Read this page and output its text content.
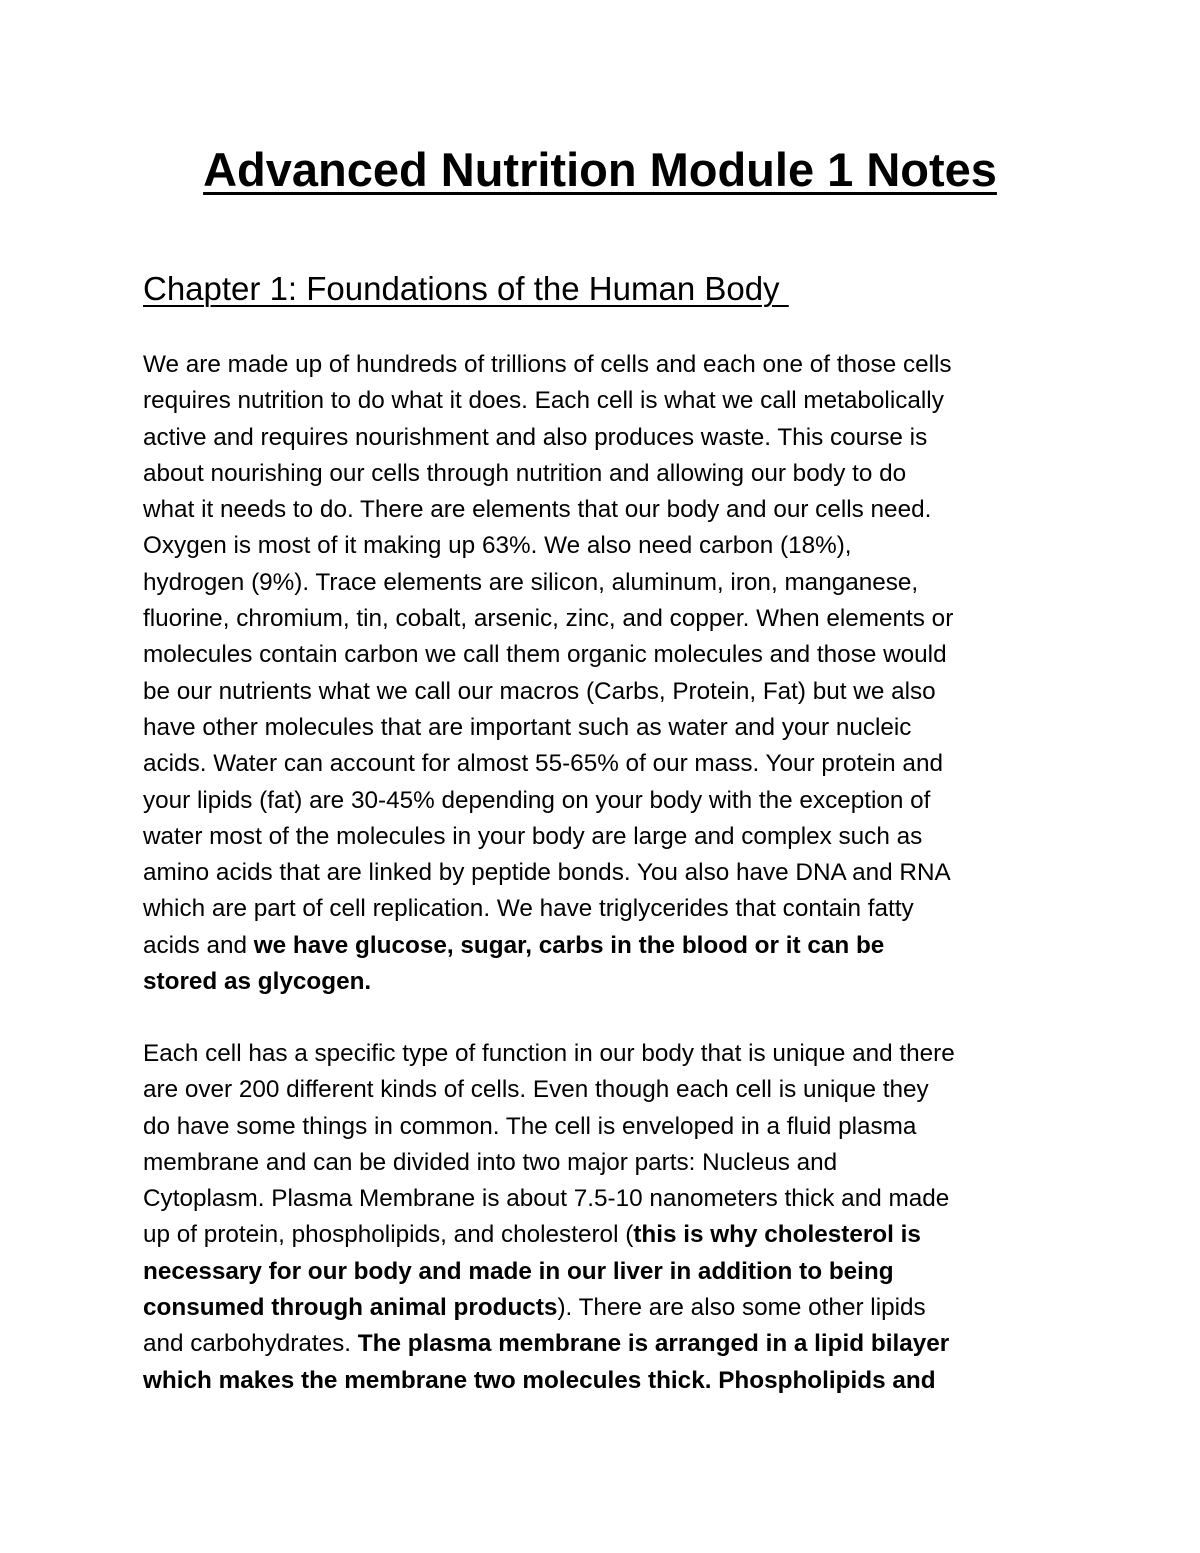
Advanced Nutrition Module 1 Notes
Chapter 1: Foundations of the Human Body
We are made up of hundreds of trillions of cells and each one of those cells
requires nutrition to do what it does. Each cell is what we call metabolically
active and requires nourishment and also produces waste. This course is
about nourishing our cells through nutrition and allowing our body to do
what it needs to do. There are elements that our body and our cells need.
Oxygen is most of it making up 63%. We also need carbon (18%),
hydrogen (9%). Trace elements are silicon, aluminum, iron, manganese,
fluorine, chromium, tin, cobalt, arsenic, zinc, and copper. When elements or
molecules contain carbon we call them organic molecules and those would
be our nutrients what we call our macros (Carbs, Protein, Fat) but we also
have other molecules that are important such as water and your nucleic
acids. Water can account for almost 55-65% of our mass. Your protein and
your lipids (fat) are 30-45% depending on your body with the exception of
water most of the molecules in your body are large and complex such as
amino acids that are linked by peptide bonds. You also have DNA and RNA
which are part of cell replication. We have triglycerides that contain fatty
acids and we have glucose, sugar, carbs in the blood or it can be
stored as glycogen.
Each cell has a specific type of function in our body that is unique and there
are over 200 different kinds of cells. Even though each cell is unique they
do have some things in common. The cell is enveloped in a fluid plasma
membrane and can be divided into two major parts: Nucleus and
Cytoplasm. Plasma Membrane is about 7.5-10 nanometers thick and made
up of protein, phospholipids, and cholesterol (this is why cholesterol is
necessary for our body and made in our liver in addition to being
consumed through animal products). There are also some other lipids
and carbohydrates. The plasma membrane is arranged in a lipid bilayer
which makes the membrane two molecules thick. Phospholipids and
